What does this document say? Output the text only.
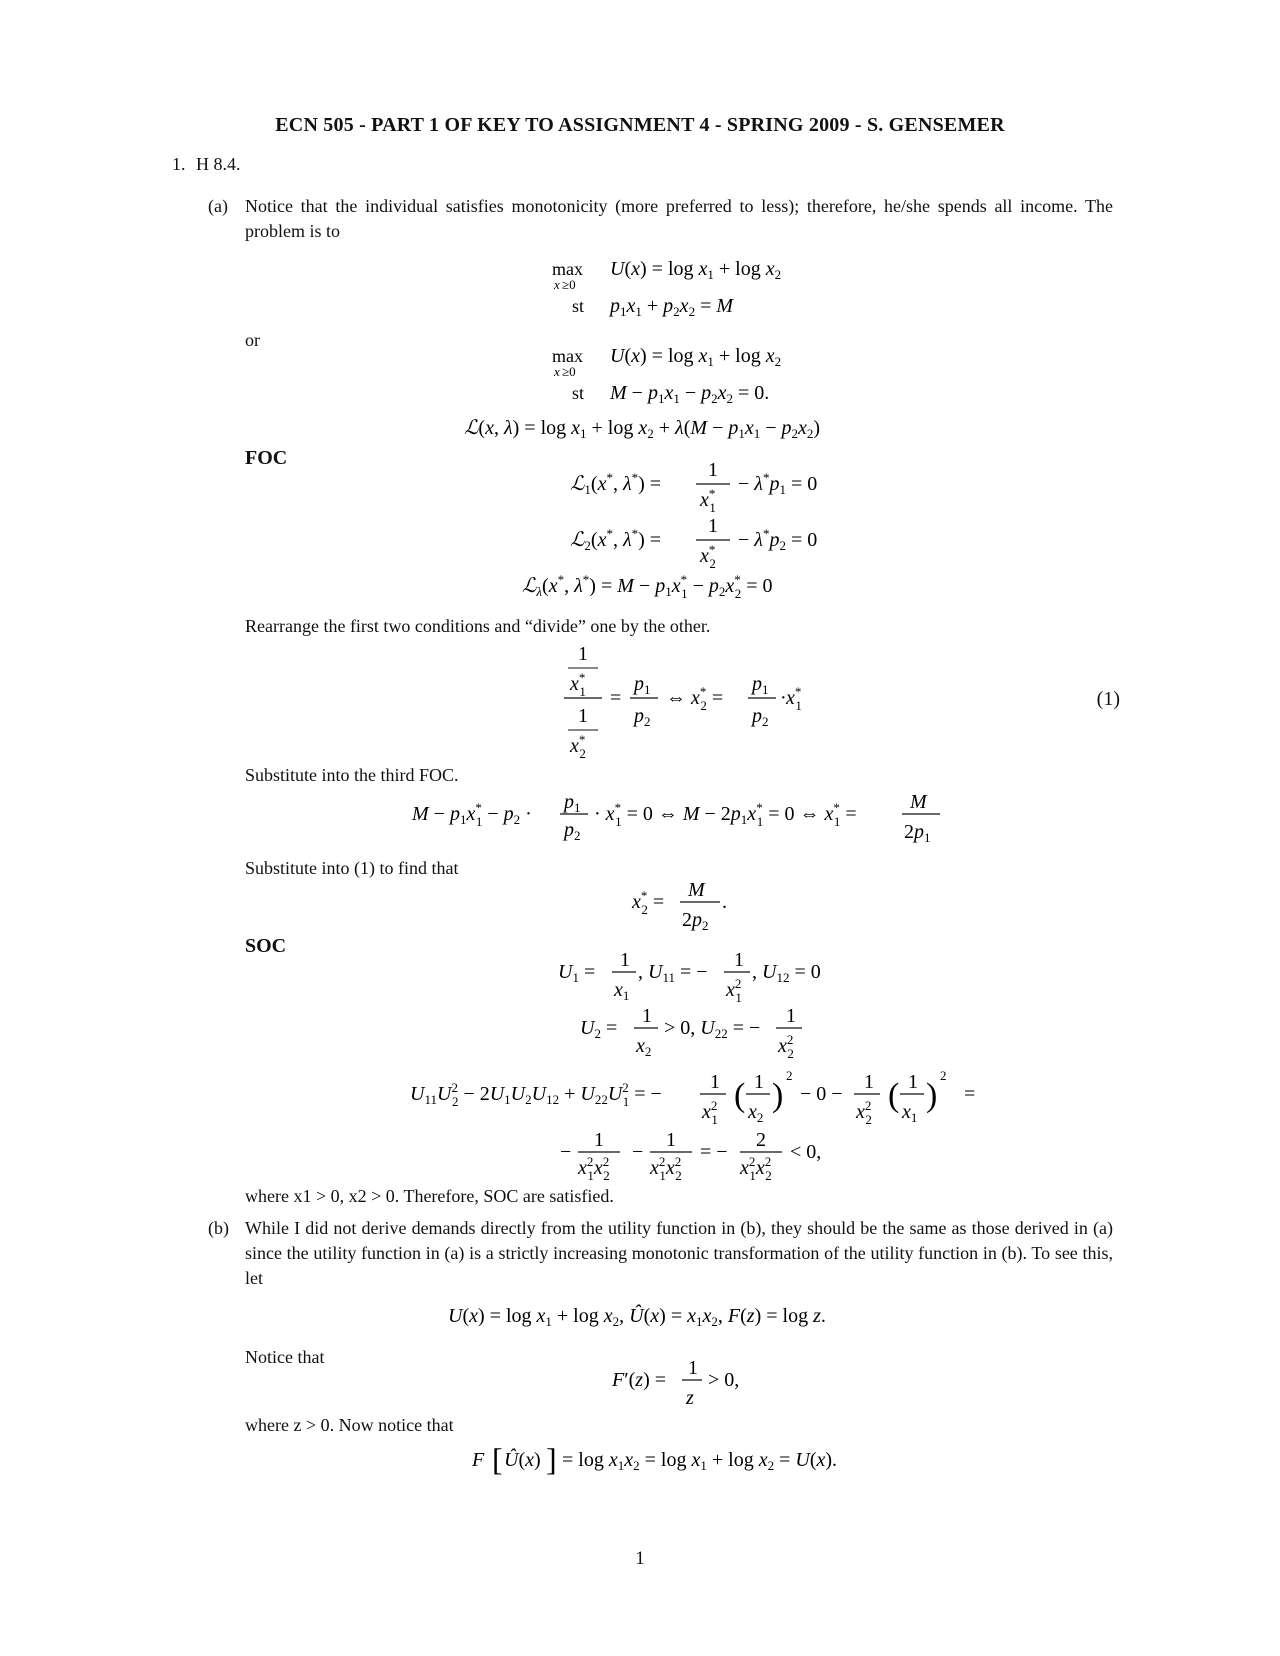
ECN 505 - PART 1 OF KEY TO ASSIGNMENT 4 - SPRING 2009 - S. GENSEMER
1. H 8.4.
(a) Notice that the individual satisfies monotonicity (more preferred to less); therefore, he/she spends all income. The problem is to
max
x ≥0
$U(x) = \log x_1 + \log x_2$
st $p_1x_1 + p_2x_2 = M$
or
max
x ≥0
$U(x) = \log x_1 + \log x_2$
st $M - p_1x_1 - p_2x_2 = 0$.
ℒ(x, $\lambda) = \log x_1 + \log x_2 + \lambda(M - p_1x_1 - p_2x_2)$
FOC
ℒ$_1$(x*, λ*) =
1
x* 1
− $\lambda^*p_1 = 0$
ℒ$_2$(x*, λ*) =
1
x* 2
− $\lambda^*p_2 = 0$
ℒ$_\lambda$(x*, $\lambda^*) = M - p_1x^*$ $1 - p_2x^*$ 2 = 0
Rearrange the first two conditions and “divide” one by the other.
1
x* 1
1
x* 2
=
$p_1$
$p_2$
⇔ x* 2 =
$p_1$
$p_2$
· x* 1	(1)
Substitute into the third FOC.
$M - p_1x^*$ $1 - p_2$ ·
$p_1$
$p_2$
· x* 1 = 0 ⇔ $M - 2p_1x^*$ 1 = 0 ⇔ x* 1 =
M
$2p_1$
Substitute into (1) to find that
x* 2 =
M
$2p_2$
.
SOC
$U_1$ =
1
$x_1$
, $U_{11}$ = −
1
$x^2$ 1
, $U_{12} = 0$
$U_2$ =
1
$x_2$
> 0, $U_{22}$ = −
1
$x^2$ 2
$U_{11}U^2$ $2 - 2U_1U_2U_{12} + U_{22}U^2$ 1 = −
1
$x^2$ 1
( 1
$x_2$
)
2
− 0 −
1
$x^2$ 2
( 1
$x_1$
)
2
=
−
1
$x^2$ $1x^2$ 2
−
1
$x^2$ $1x^2$ 2
= −
2
$x^2$ $1x^2$ 2
< 0,
where x1 > 0, x2 > 0. Therefore, SOC are satisfied.
(b) While I did not derive demands directly from the utility function in (b), they should be the same as those derived in (a) since the utility function in (a) is a strictly increasing monotonic transformation of the utility function in (b). To see this, let
$U(x) = \log x_1 + \log x_2$, Û(x) = $x_1x_2$, F(z) = log z.
Notice that
F′(z) =
1
z
> 0,
where z > 0. Now notice that
F [ Û(x) ] = $\log x_1x_2 = \log x_1 + \log x_2 = U(x)$.
1
